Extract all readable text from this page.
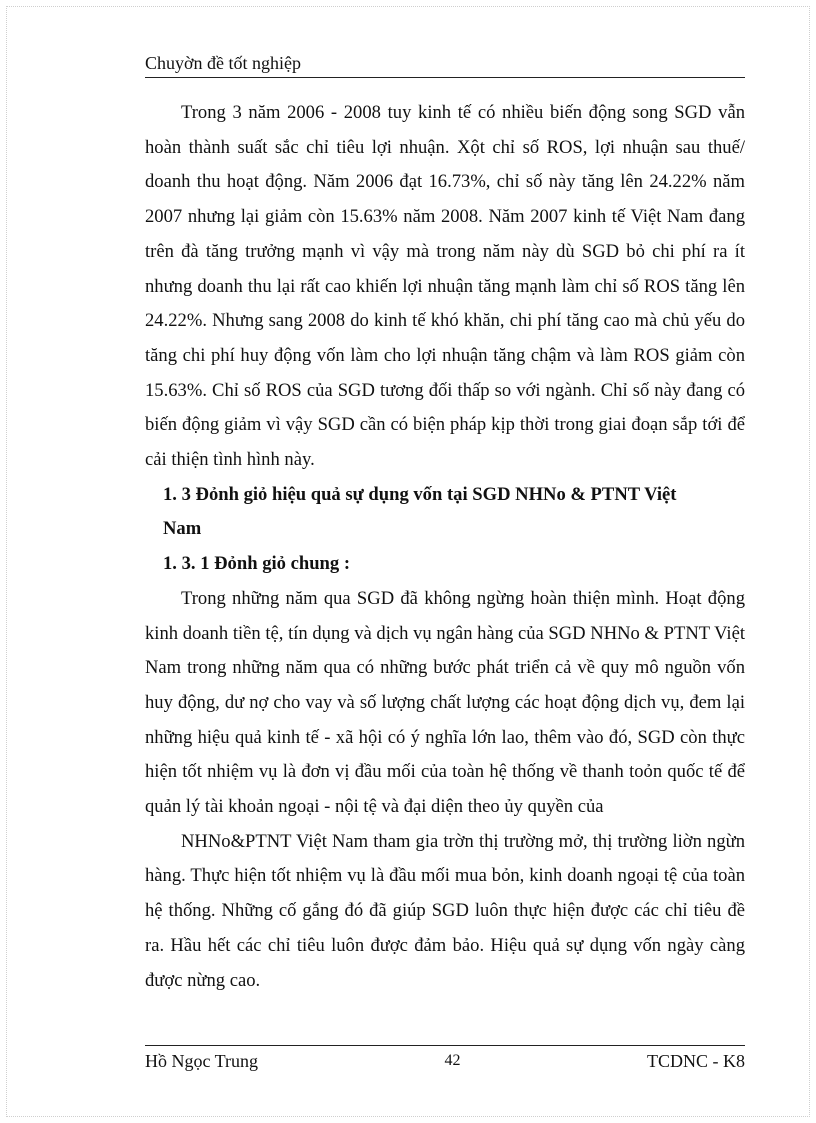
Chuyờn đề tốt nghiệp

Trong 3 năm 2006 - 2008 tuy kinh tế có nhiều biến động song SGD vẫn hoàn thành suất sắc chỉ tiêu lợi nhuận. Xột chỉ số ROS, lợi nhuận sau thuế/ doanh thu hoạt động. Năm 2006 đạt 16.73%, chỉ số này tăng lên 24.22% năm 2007 nhưng lại giảm còn 15.63% năm 2008. Năm 2007 kinh tế Việt Nam đang trên đà tăng trưởng mạnh vì vậy mà trong năm này dù SGD bỏ chi phí ra ít nhưng doanh thu lại rất cao khiến lợi nhuận tăng mạnh làm chỉ số ROS tăng lên 24.22%. Nhưng sang 2008 do kinh tế khó khăn, chi phí tăng cao mà chủ yếu do tăng chi phí huy động vốn làm cho lợi nhuận tăng chậm và làm ROS giảm còn 15.63%. Chỉ số ROS của SGD tương đối thấp so với ngành. Chỉ số này đang có biến động giảm vì vậy SGD cần có biện pháp kịp thời trong giai đoạn sắp tới để cải thiện tình hình này.

1. 3 Đỏnh giỏ hiệu quả sự dụng vốn tại SGD NHNo & PTNT Việt Nam

1. 3. 1 Đỏnh giỏ chung :

Trong những năm qua SGD đã không ngừng hoàn thiện mình. Hoạt động kinh doanh tiền tệ, tín dụng và dịch vụ ngân hàng của SGD NHNo & PTNT Việt Nam trong những năm qua có những bước phát triển cả về quy mô nguồn vốn huy động, dư nợ cho vay và số lượng chất lượng các hoạt động dịch vụ, đem lại những hiệu quả kinh tế - xã hội có ý nghĩa lớn lao, thêm vào đó, SGD còn thực hiện tốt nhiệm vụ là đơn vị đầu mối của toàn hệ thống về thanh toỏn quốc tế để quản lý tài khoản ngoại - nội tệ và đại diện theo ủy quyền của

NHNo&PTNT Việt Nam tham gia trờn thị trường mở, thị trường liờn ngừn hàng. Thực hiện tốt nhiệm vụ là đầu mối mua bỏn, kinh doanh ngoại tệ của toàn hệ thống. Những cố gắng đó đã giúp SGD luôn thực hiện được các chỉ tiêu đề ra. Hầu hết các chỉ tiêu luôn được đảm bảo. Hiệu quả sự dụng vốn ngày càng được nừng cao.

Hồ Ngọc Trung	42	TCDNC - K8
